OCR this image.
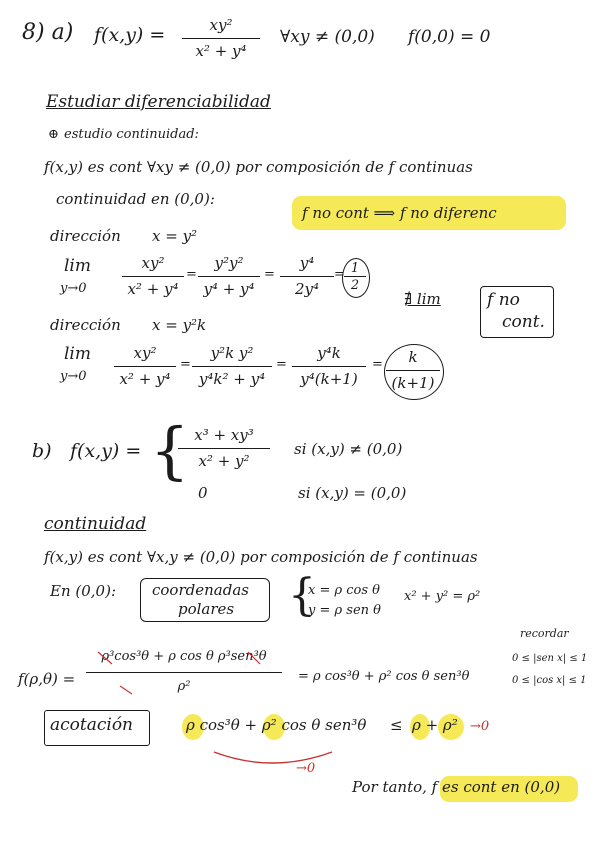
8) a) f(x,y) =	xy²
x² + y⁴
∀xy ≠ (0,0) f(0,0) = 0
Estudiar diferenciabilidad
⊕ estudio continuidad:
f(x,y) es cont ∀xy ≠ (0,0) por composición de f continuas
continuidad en (0,0):
f no cont ⟹ f no diferenc
dirección x = y²
lim
y→0
xy²
x² + y⁴
=
y²y²
y⁴ + y⁴
=
y⁴
2y⁴
= 1
2
∄ lim	f no
cont.
dirección x = y²k
lim
y→0
xy²
x² + y⁴
=
y²k y²
y⁴k² + y⁴
=
y⁴k
y⁴(k+1)
=	k
(k+1)
b) f(x,y) = { x³ + xy³
x² + y²
si (x,y) ≠ (0,0)
0	si (x,y) = (0,0)
continuidad
f(x,y) es cont ∀x,y ≠ (0,0) por composición de f continuas
En (0,0): coordenadas
polares {
x = ρ cos θ
y = ρ sen θ
x² + y² = ρ²
recordar
0 ≤ |sen x| ≤ 1
0 ≤ |cos x| ≤ 1
f(ρ,θ) =
ρ³cos³θ + ρ cos θ ρ³sen³θ
ρ²
= ρ cos³θ + ρ² cos θ sen³θ
acotación	ρ cos³θ + ρ² cos θ sen³θ ≤ ρ + ρ² →0
→0
Por tanto, f es cont en (0,0)
